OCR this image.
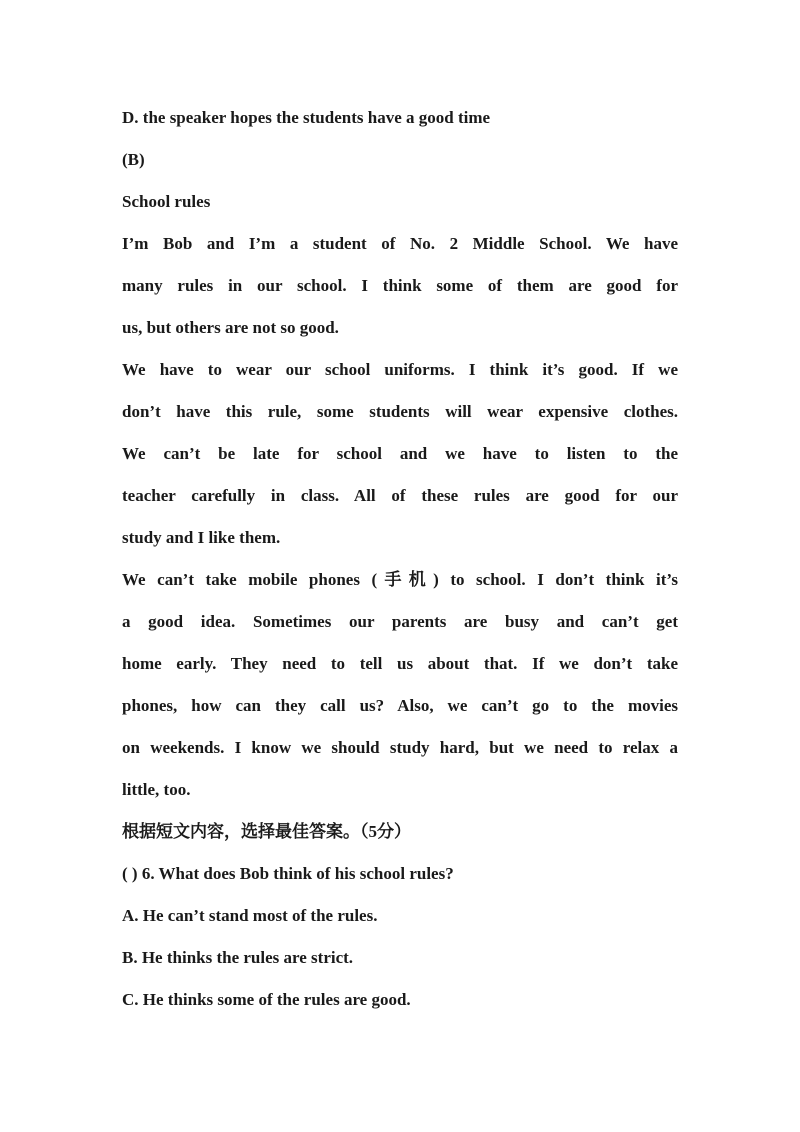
D. the speaker hopes the students have a good time
(B)
School rules
I’m Bob and I’m a student of No. 2 Middle School. We have
many rules in our school. I think some of them are good for
us, but others are not so good.
We have to wear our school uniforms. I think it’s good. If we
don’t have this rule, some students will wear expensive clothes.
We can’t be late for school and we have to listen to the
teacher carefully in class. All of these rules are good for our
study and I like them.
We can’t take mobile phones (手机) to school. I don’t think it’s
a good idea. Sometimes our parents are busy and can’t get
home early. They need to tell us about that. If we don’t take
phones, how can they call us? Also, we can’t go to the movies
on weekends. I know we should study hard, but we need to relax a
little, too.
根据短文内容，选择最佳答案。（5分）
( ) 6. What does Bob think of his school rules?
A. He can’t stand most of the rules.
B. He thinks the rules are strict.
C. He thinks some of the rules are good.
